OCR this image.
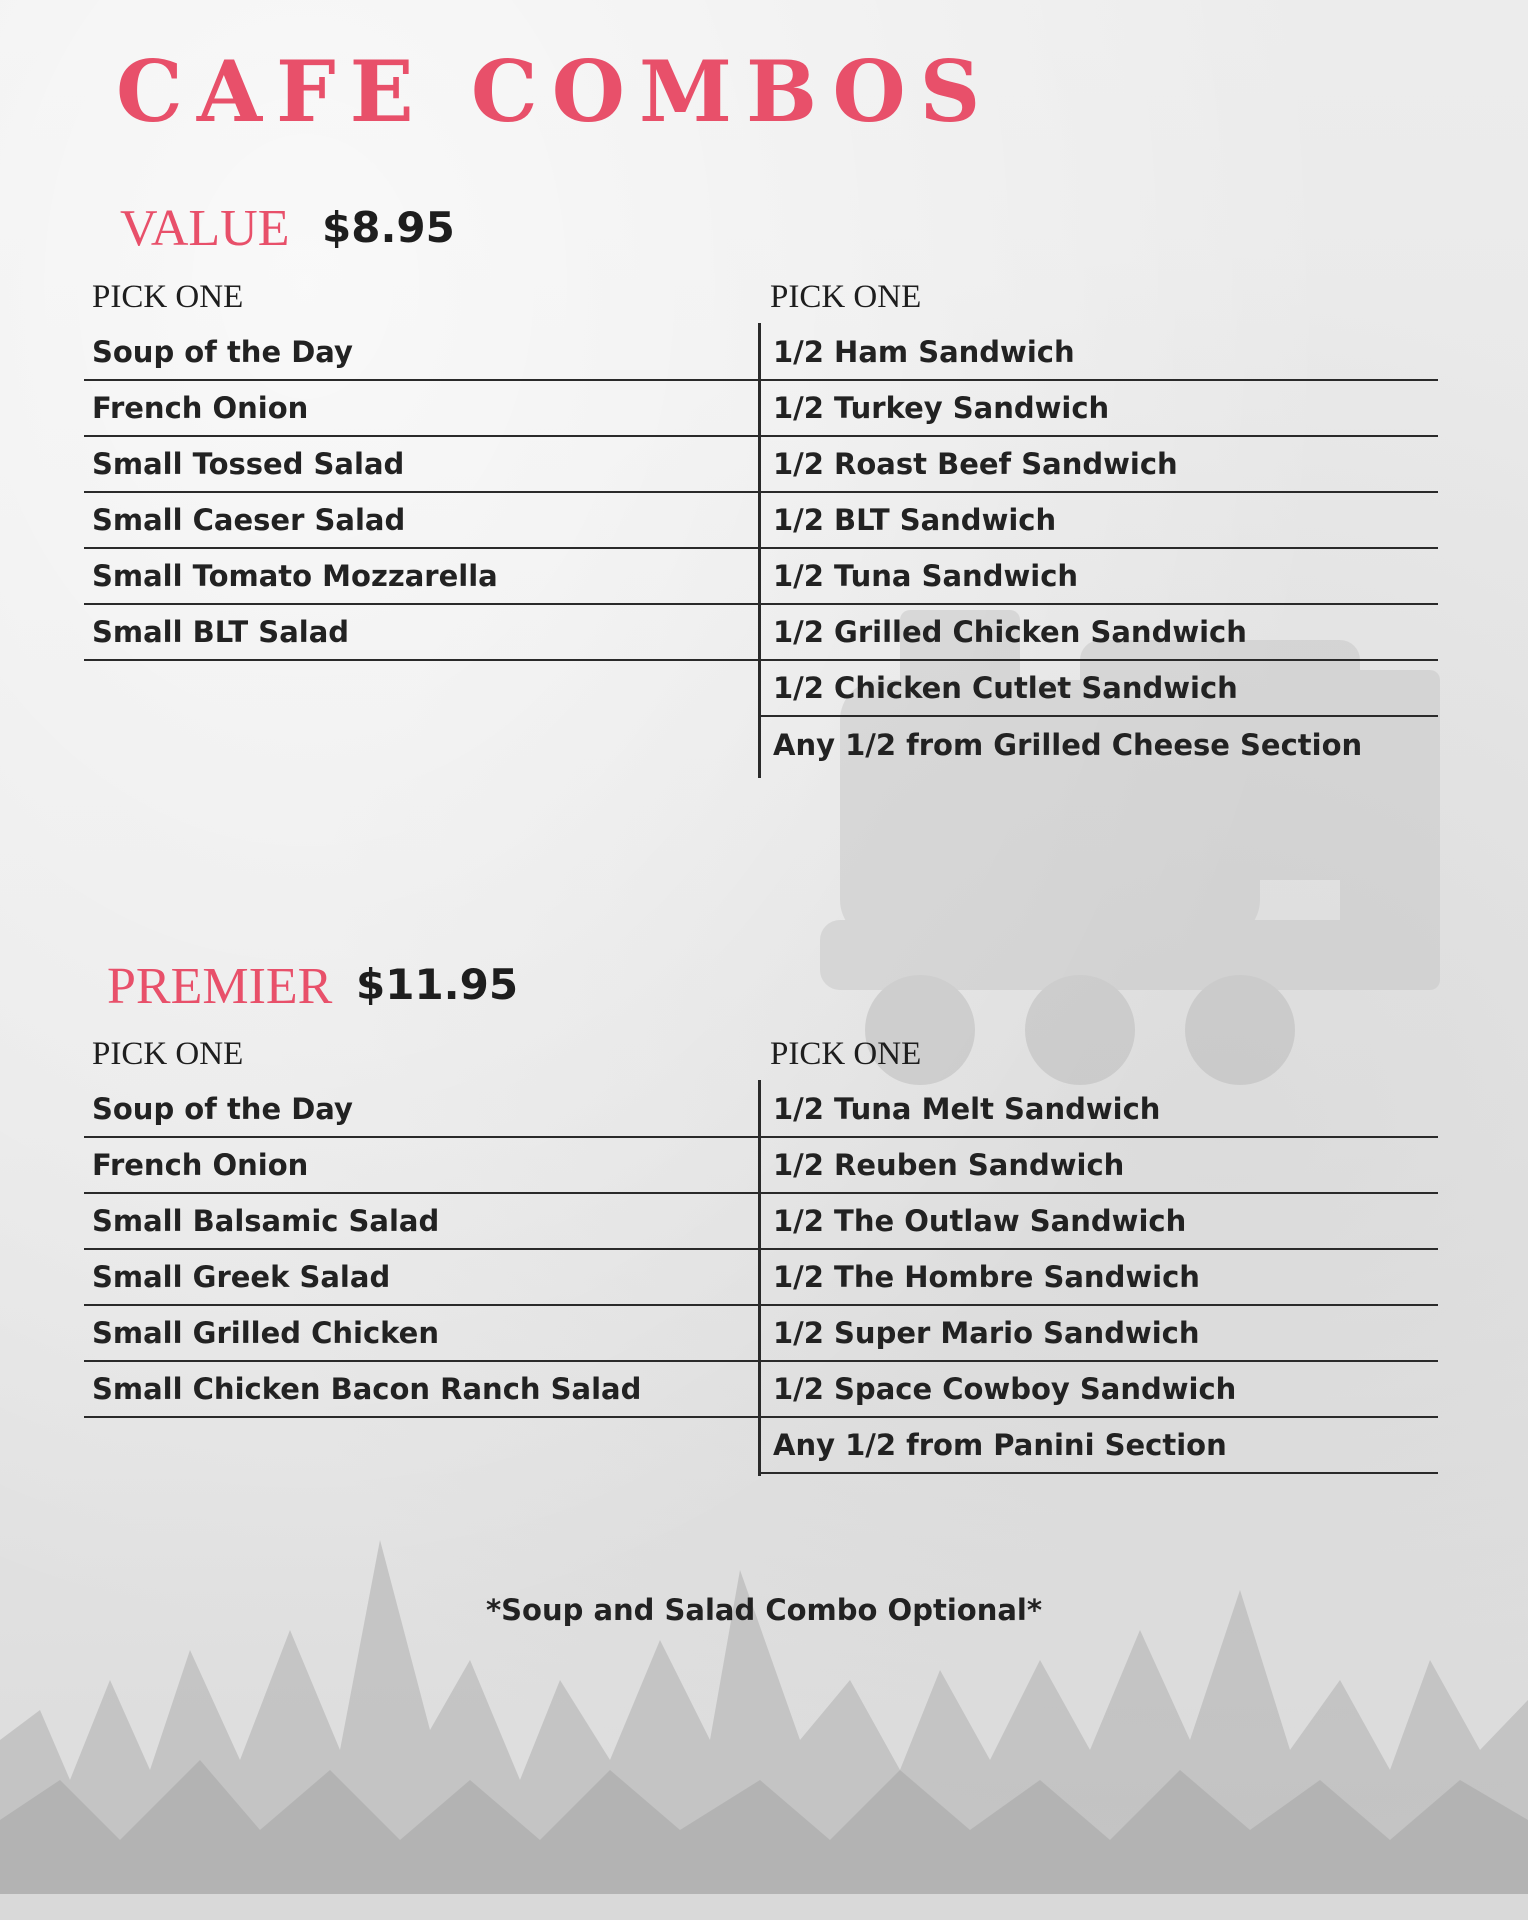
CAFE COMBOS
VALUE $8.95
PICK ONE	PICK ONE
Soup of the Day
French Onion
Small Tossed Salad
Small Caeser Salad
Small Tomato Mozzarella
Small BLT Salad
1/2 Ham Sandwich
1/2 Turkey Sandwich
1/2 Roast Beef Sandwich
1/2 BLT Sandwich
1/2 Tuna Sandwich
1/2 Grilled Chicken Sandwich
1/2 Chicken Cutlet Sandwich
Any 1/2 from Grilled Cheese Section
PREMIER $11.95
PICK ONE	PICK ONE
Soup of the Day
French Onion
Small Balsamic Salad
Small Greek Salad
Small Grilled Chicken
Small Chicken Bacon Ranch Salad
1/2 Tuna Melt Sandwich
1/2 Reuben Sandwich
1/2 The Outlaw Sandwich
1/2 The Hombre Sandwich
1/2 Super Mario Sandwich
1/2 Space Cowboy Sandwich
Any 1/2 from Panini Section
*Soup and Salad Combo Optional*
